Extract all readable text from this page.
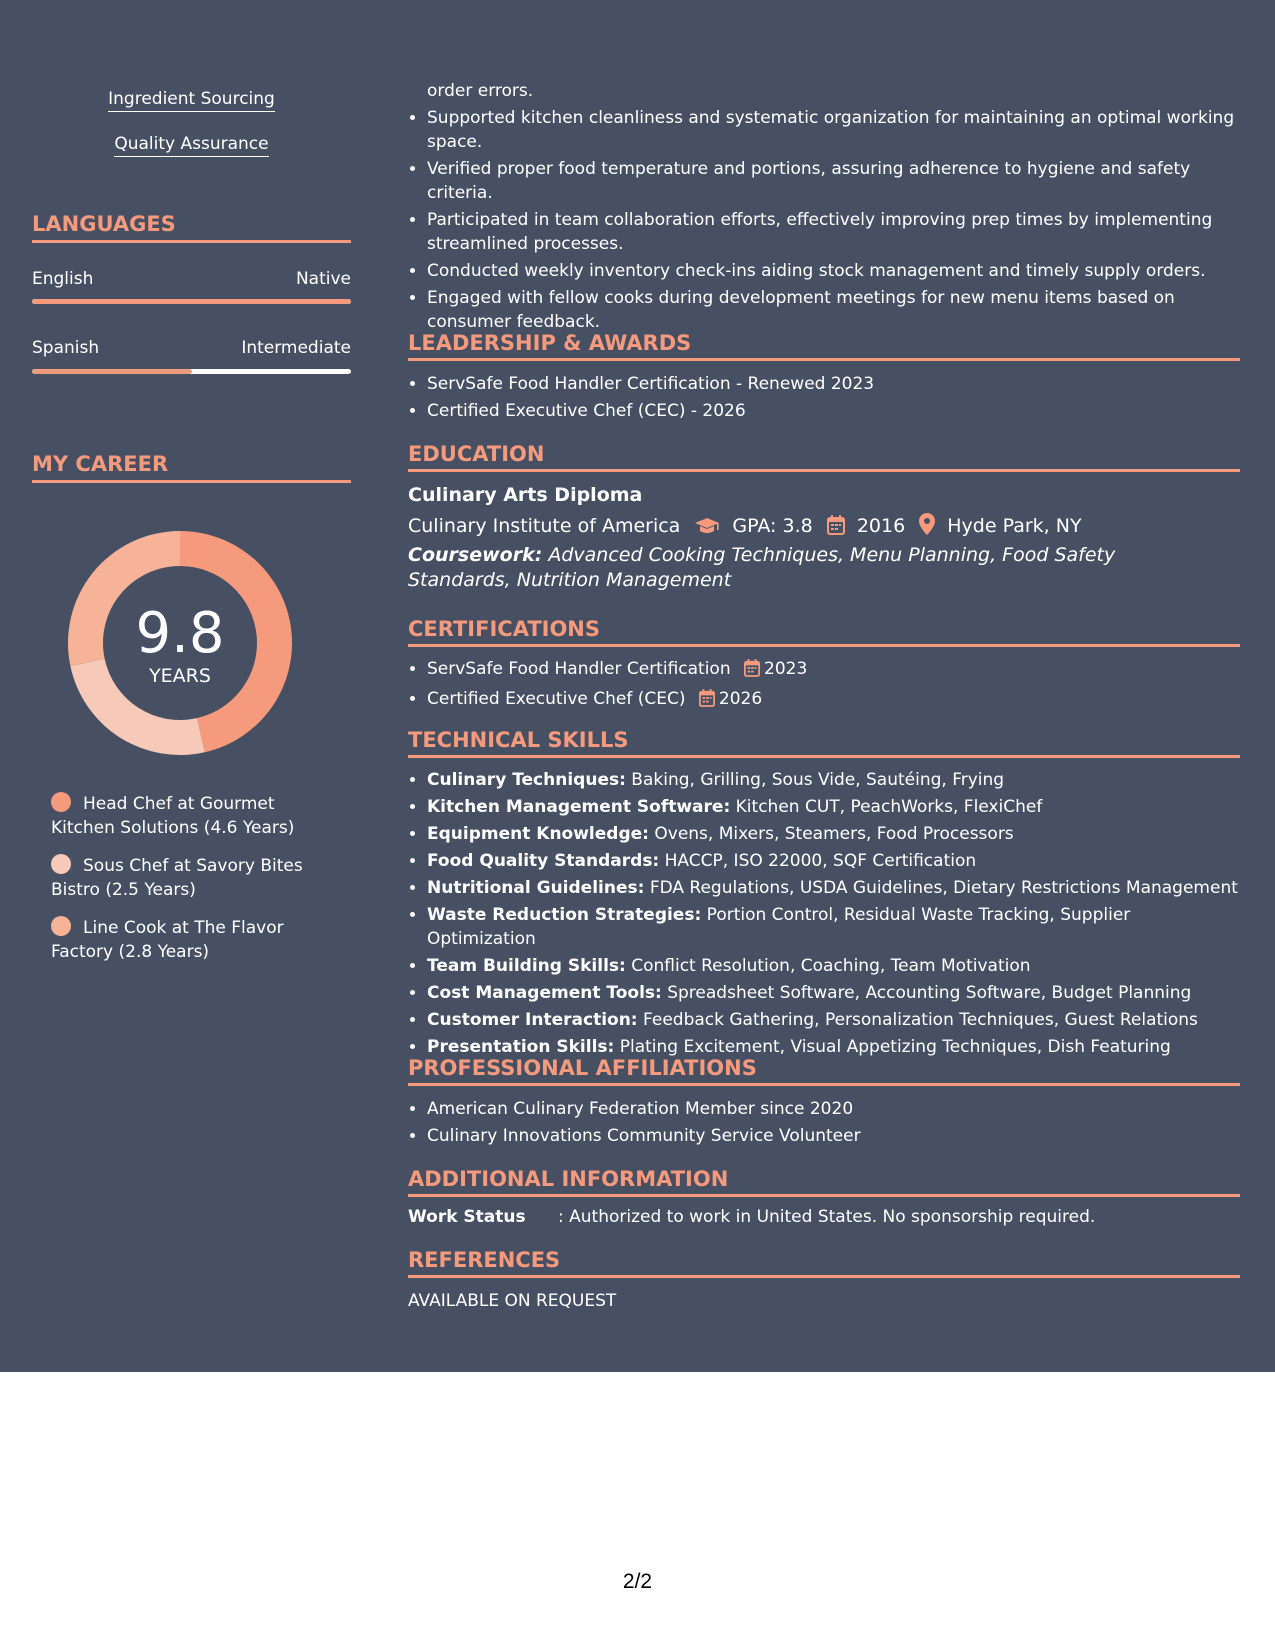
Ingredient Sourcing
Quality Assurance
LANGUAGES
English	Native
Spanish	Intermediate
MY CAREER
9.8
YEARS
Head Chef at Gourmet Kitchen Solutions (4.6 Years)
Sous Chef at Savory Bites Bistro (2.5 Years)
Line Cook at The Flavor Factory (2.8 Years)
order errors.
• Supported kitchen cleanliness and systematic organization for maintaining an optimal working space.
• Verified proper food temperature and portions, assuring adherence to hygiene and safety criteria.
• Participated in team collaboration efforts, effectively improving prep times by implementing streamlined processes.
• Conducted weekly inventory check-ins aiding stock management and timely supply orders.
• Engaged with fellow cooks during development meetings for new menu items based on consumer feedback.
LEADERSHIP & AWARDS
• ServSafe Food Handler Certification - Renewed 2023
• Certified Executive Chef (CEC) - 2026
EDUCATION
Culinary Arts Diploma
Culinary Institute of America	GPA: 3.8 2016 Hyde Park, NY
Coursework: Advanced Cooking Techniques, Menu Planning, Food Safety Standards, Nutrition Management
CERTIFICATIONS
• ServSafe Food Handler Certification 2023
• Certified Executive Chef (CEC) 2026
TECHNICAL SKILLS
• Culinary Techniques: Baking, Grilling, Sous Vide, Sautéing, Frying
• Kitchen Management Software: Kitchen CUT, PeachWorks, FlexiChef
• Equipment Knowledge: Ovens, Mixers, Steamers, Food Processors
• Food Quality Standards: HACCP, ISO 22000, SQF Certification
• Nutritional Guidelines: FDA Regulations, USDA Guidelines, Dietary Restrictions Management
• Waste Reduction Strategies: Portion Control, Residual Waste Tracking, Supplier Optimization
• Team Building Skills: Conflict Resolution, Coaching, Team Motivation
• Cost Management Tools: Spreadsheet Software, Accounting Software, Budget Planning
• Customer Interaction: Feedback Gathering, Personalization Techniques, Guest Relations
• Presentation Skills: Plating Excitement, Visual Appetizing Techniques, Dish Featuring
PROFESSIONAL AFFILIATIONS
• American Culinary Federation Member since 2020
• Culinary Innovations Community Service Volunteer
ADDITIONAL INFORMATION
Work Status : Authorized to work in United States. No sponsorship required.
REFERENCES
AVAILABLE ON REQUEST
2/2
